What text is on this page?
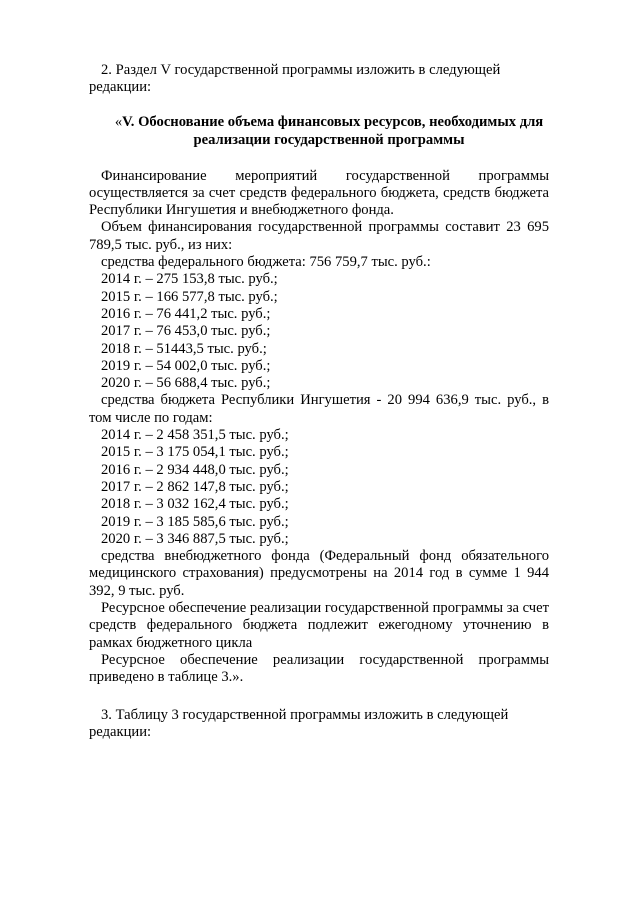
2. Раздел V государственной программы изложить в следующей редакции:

«V. Обоснование объема финансовых ресурсов, необходимых для
реализации государственной программы

Финансирование мероприятий государственной программы осуществляется за счет средств федерального бюджета, средств бюджета Республики Ингушетия и внебюджетного фонда.

Объем финансирования государственной программы составит 23 695 789,5 тыс. руб., из них:

средства федерального бюджета: 756 759,7 тыс. руб.:

2014 г. – 275 153,8 тыс. руб.;

2015 г. – 166 577,8 тыс. руб.;

2016 г. – 76 441,2 тыс. руб.;

2017 г. – 76 453,0 тыс. руб.;

2018 г. – 51443,5 тыс. руб.;

2019 г. – 54 002,0 тыс. руб.;

2020 г. – 56 688,4 тыс. руб.;

средства бюджета Республики Ингушетия - 20 994 636,9 тыс. руб., в том числе по годам:

2014 г. – 2 458 351,5 тыс. руб.;

2015 г. – 3 175 054,1 тыс. руб.;

2016 г. – 2 934 448,0 тыс. руб.;

2017 г. – 2 862 147,8 тыс. руб.;

2018 г. – 3 032 162,4 тыс. руб.;

2019 г. – 3 185 585,6 тыс. руб.;

2020 г. – 3 346 887,5 тыс. руб.;

средства внебюджетного фонда (Федеральный фонд обязательного медицинского страхования) предусмотрены на 2014 год в сумме 1 944 392, 9 тыс. руб.

Ресурсное обеспечение реализации государственной программы за счет средств федерального бюджета подлежит ежегодному уточнению в рамках бюджетного цикла

Ресурсное обеспечение реализации государственной программы приведено в таблице 3.».

3. Таблицу 3 государственной программы изложить в следующей редакции:
